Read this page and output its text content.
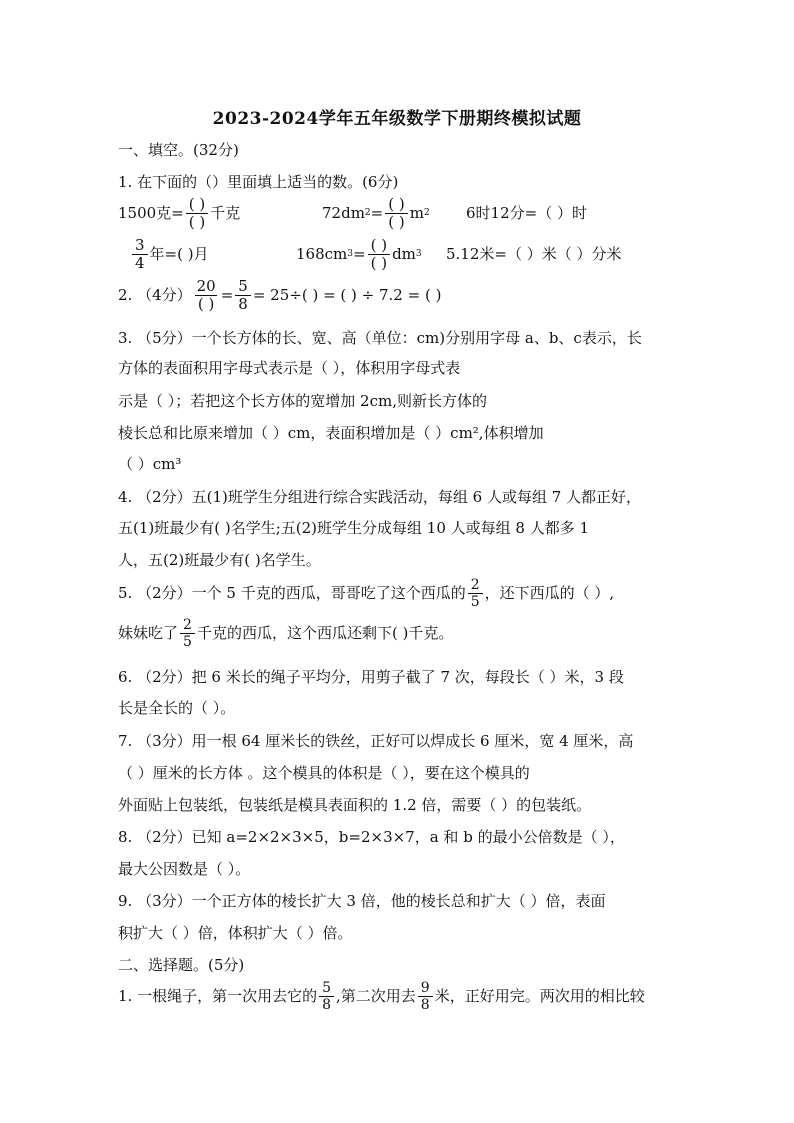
2023-2024学年五年级数学下册期终模拟试题
一、填空。(32分)
1. 在下面的（）里面填上适当的数。(6分)
1500克= $\frac{( )}{( )}$ 千克	72dm $2 = \frac{( )}{( )}$ m 2 6时12分=（ ）时
$\frac{3}{4}$ 年=( )月	168cm $3 = \frac{( )}{( )}$ dm 3 5.12米=（ ）米（ ）分米
2. （4分） $\frac{20}{( )} = \frac{5}{8} = 25\div$( ) = ( ) ÷ 7.2 = ( )
3. （5分）一个长方体的长、宽、高（单位：cm)分别用字母 a、b、c表示，长
方体的表面积用字母式表示是（ ），体积用字母式表
示是（ ）；若把这个长方体的宽增加 2cm,则新长方体的
棱长总和比原来增加（ ）cm，表面积增加是（ ）cm²,体积增加
（ ）cm³
4. （2分）五(1)班学生分组进行综合实践活动，每组 6 人或每组 7 人都正好，
五(1)班最少有( )名学生;五(2)班学生分成每组 10 人或每组 8 人都多 1
人，五(2)班最少有( )名学生。
5. （2分）一个 5 千克的西瓜，哥哥吃了这个西瓜的 $\frac{2}{5}$ ，还下西瓜的（ ）,
妹妹吃了 $\frac{2}{5}$ 千克的西瓜，这个西瓜还剩下( )千克。
6. （2分）把 6 米长的绳子平均分，用剪子截了 7 次，每段长（ ）米，3 段
长是全长的（ ）。
7. （3分）用一根 64 厘米长的铁丝，正好可以焊成长 6 厘米，宽 4 厘米，高
（ ）厘米的长方体 。这个模具的体积是（ ），要在这个模具的
外面贴上包装纸，包装纸是模具表面积的 1.2 倍，需要（ ）的包装纸。
8. （2分）已知 a=2×2×3×5，b=2×3×7，a 和 b 的最小公倍数是（ ），
最大公因数是（ ）。
9. （3分）一个正方体的棱长扩大 3 倍，他的棱长总和扩大（ ）倍，表面
积扩大（ ）倍，体积扩大（ ）倍。
二、选择题。(5分)
1. 一根绳子，第一次用去它的 $\frac{5}{8}$ ,第二次用去 $\frac{9}{8}$ 米，正好用完。两次用的相比较
